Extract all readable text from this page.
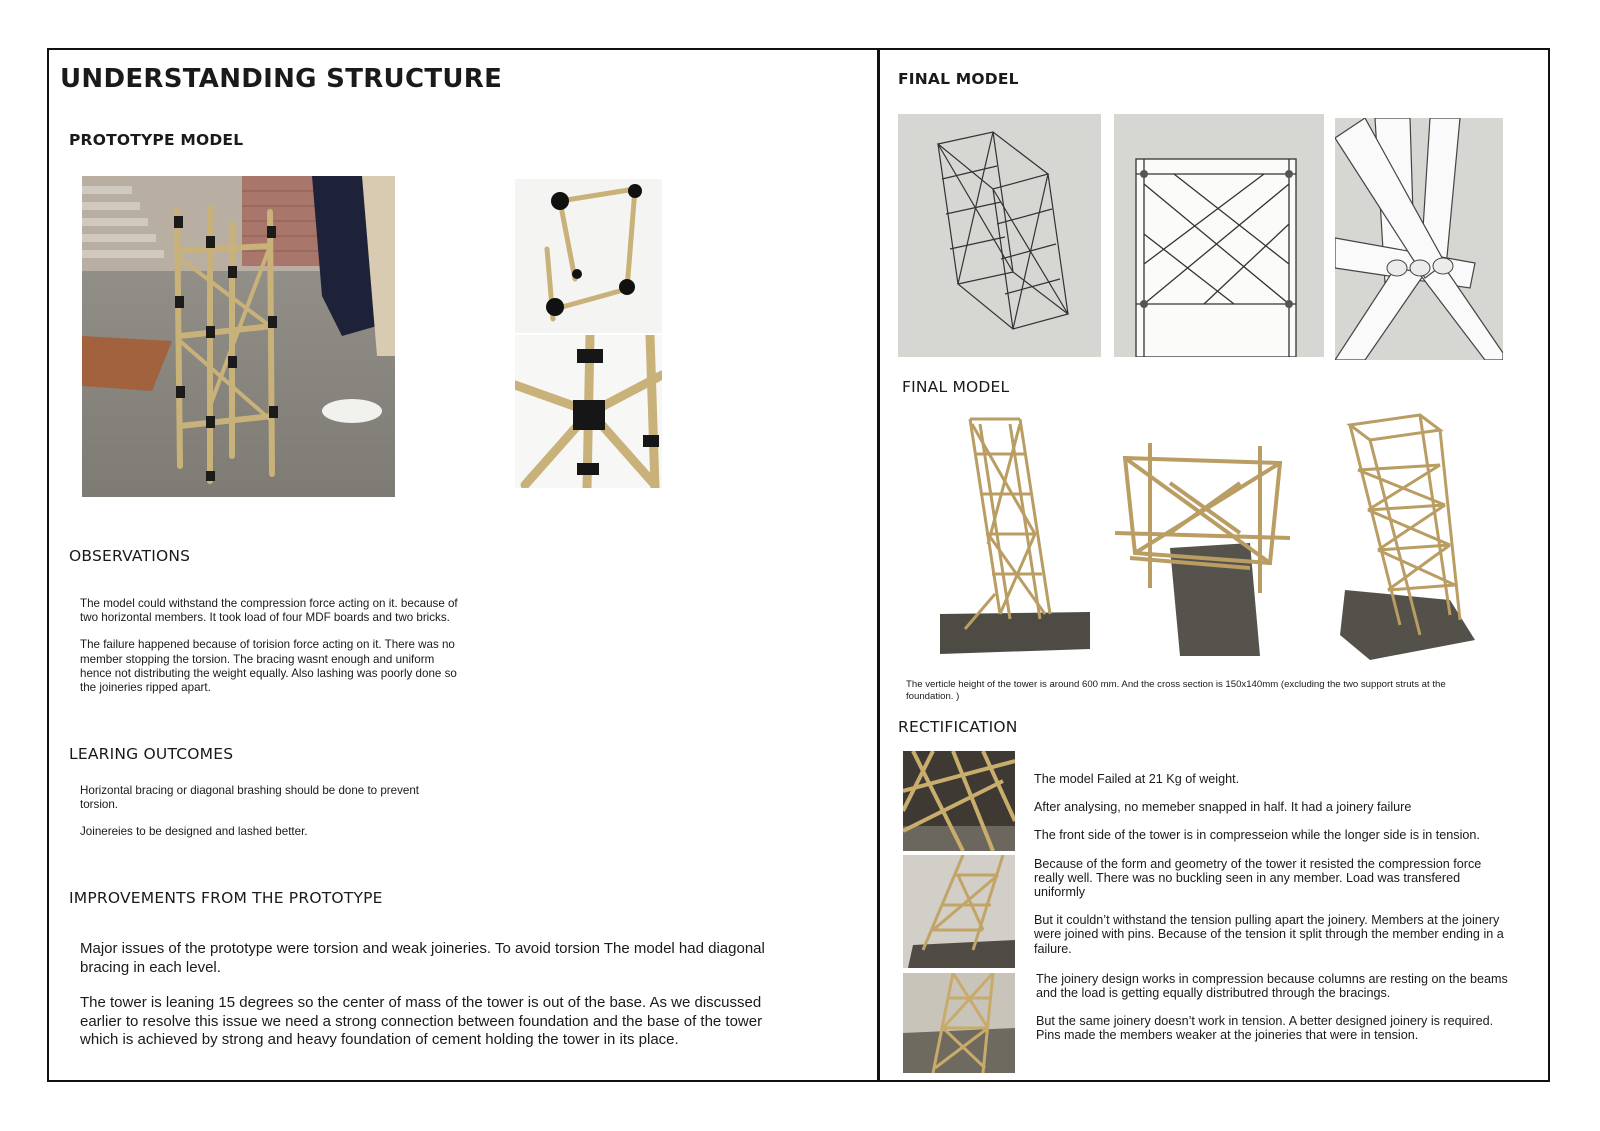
UNDERSTANDING STRUCTURE
PROTOTYPE MODEL
OBSERVATIONS

The model could withstand the compression force acting on it. because of two horizontal members. It took load of four MDF boards and two bricks.

The failure happened because of torision force acting on it. There was no member stopping the torsion. The bracing wasnt enough and uniform hence not distributing the weight equally. Also lashing was poorly done so the joineries ripped apart.

LEARING OUTCOMES

Horizontal bracing or diagonal brashing should be done to prevent torsion.

Joinereies to be designed and lashed better.

IMPROVEMENTS FROM THE PROTOTYPE

Major issues of the prototype were torsion and weak joineries. To avoid torsion The model had diagonal bracing in each level.

The tower is leaning 15 degrees so the center of mass of the tower is out of the base. As we discussed earlier to resolve this issue we need a strong connection between foundation and the base of the tower which is achieved by strong and heavy foundation of cement holding the tower in its place.

FINAL MODEL
FINAL MODEL
The verticle height of the tower is around 600 mm. And the cross section is 150x140mm (excluding the two support struts at the foundation. )
RECTIFICATION
The model Failed at 21 Kg of weight.
After analysing, no memeber snapped in half. It had a joinery failure
The front side of the tower is in compresseion while the longer side is in tension.
Because of the form and geometry of the tower it resisted the compression force really well. There was no buckling seen in any member. Load was transfered uniformly
But it couldn’t withstand the tension pulling apart the joinery. Members at the joinery were joined with pins. Because of the tension it split through the member ending in a failure.
The joinery design works in compression because columns are resting on the beams and the load is getting equally distributred through the bracings.
But the same joinery doesn’t work in tension. A better designed joinery is required. Pins made the members weaker at the joineries that were in tension.
